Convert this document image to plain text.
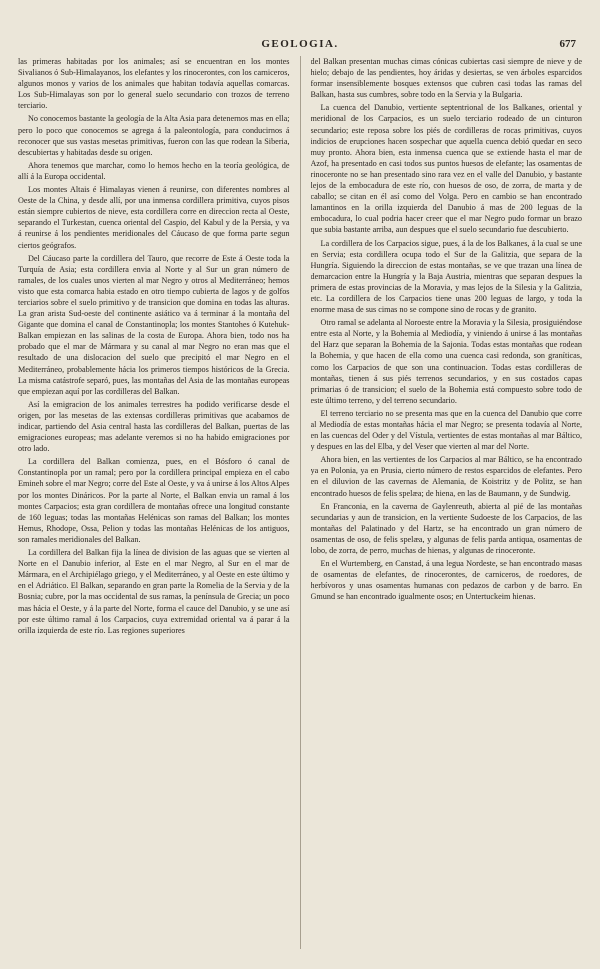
GEOLOGIA.	677

las primeras habitadas por los animales; así se encuentran en los montes Sivalianos ó Sub-Himalayanos, los elefantes y los rinocerontes, con los carniceros, algunos monos y varios de los animales que habitan todavía aquellas comarcas. Los Sub-Himalayas son por lo general suelo secundario con trozos de terreno terciario.

No conocemos bastante la geología de la Alta Asia para detenernos mas en ella; pero lo poco que conocemos se agrega á la paleontología, para conducirnos á reconocer que sus vastas mesetas primitivas, fueron con las que rodean la Siberia, descubiertas y habitadas desde su origen.

Ahora tenemos que marchar, como lo hemos hecho en la teoría geológica, de allí á la Europa occidental.

Los montes Altais é Himalayas vienen á reunirse, con diferentes nombres al Oeste de la China, y desde allí, por una inmensa cordillera primitiva, cuyos pisos están siempre cubiertos de nieve, esta cordillera corre en direccion recta al Oeste, separando el Turkestan, cuenca oriental del Caspio, del Kabul y de la Persia, y va á reunirse á los pendientes meridionales del Cáucaso de que forma parte segun ciertos geógrafos.

Del Cáucaso parte la cordillera del Tauro, que recorre de Este á Oeste toda la Turquía de Asia; esta cordillera envia al Norte y al Sur un gran número de ramales, de los cuales unos vierten al mar Negro y otros al Mediterráneo; hemos visto que esta comarca habia estado en otro tiempo cubierta de lagos y de golfos terciarios sobre el suelo primitivo y de transicion que domina en todas las alturas. La gran arista Sud-oeste del continente asiático va á terminar á la montaña del Gigante que domina el canal de Constantinopla; los montes Stantohes ó Kutehuk-Balkan empiezan en las salinas de la costa de Europa. Ahora bien, todo nos ha probado que el mar de Mármara y su canal al mar Negro no eran mas que el resultado de una dislocacion del suelo que precipitó el mar Negro en el Mediterráneo, probablemente hácia los primeros tiempos históricos de la Grecia. La misma catástrofe separó, pues, las montañas del Asia de las montañas europeas que empiezan aquí por las cordilleras del Balkan.

Así la emigracion de los animales terrestres ha podido verificarse desde el origen, por las mesetas de las extensas cordilleras primitivas que acabamos de indicar, partiendo del Asia central hasta las cordilleras del Balkan, puertas de las emigraciones europeas; mas adelante veremos si no ha habido emigraciones por otro lado.

La cordillera del Balkan comienza, pues, en el Bósforo ó canal de Constantinopla por un ramal; pero por la cordillera principal empieza en el cabo Emineh sobre el mar Negro; corre del Este al Oeste, y va á unirse á los Altos Alpes por los montes Dináricos. Por la parte al Norte, el Balkan envia un ramal á los montes Carpacios; esta gran cordillera de montañas ofrece una longitud constante de 160 leguas; todas las montañas Helénicas son ramas del Balkan; los montes Hemus, Rhodope, Ossa, Pelion y todas las montañas Helénicas de los antiguos, son ramales meridionales del Balkan.

La cordillera del Balkan fija la línea de division de las aguas que se vierten al Norte en el Danubio inferior, al Este en el mar Negro, al Sur en el mar de Mármara, en el Archipiélago griego, y el Mediterráneo, y al Oeste en este último y en el Adriático. El Balkan, separando en gran parte la Romelia de la Servia y de la Bosnia; cubre, por la mas occidental de sus ramas, la península de Grecia; un poco mas hácia el Oeste, y á la parte del Norte, forma el cauce del Danubio, y se une así por este último ramal á los Carpacios, cuya extremidad oriental va á parar á la orilla izquierda de este río. Las regiones superiores

del Balkan presentan muchas cimas cónicas cubiertas casi siempre de nieve y de hielo; debajo de las pendientes, hoy áridas y desiertas, se ven árboles esparcidos formar insensiblemente bosques extensos que cubren casi todas las ramas del Balkan, hasta sus cumbres, sobre todo en la Servia y la Bulgaria.

La cuenca del Danubio, vertiente septentrional de los Balkanes, oriental y meridional de los Carpacios, es un suelo terciario rodeado de un cinturon secundario; este reposa sobre los piés de cordilleras de rocas primitivas, cuyos indicios de erupciones hacen sospechar que aquella cuenca debió quedar en seco muy pronto. Ahora bien, esta inmensa cuenca que se extiende hasta el mar de Azof, ha presentado en casi todos sus puntos huesos de elefante; las osamentas de rinoceronte no se han presentado sino rara vez en el valle del Danubio, y bastante lejos de la embocadura de este río, con huesos de oso, de zorra, de marta y de caballo; se citan en él así como del Volga. Pero en cambio se han encontrado lamantinos en la orilla izquierda del Danubio á mas de 200 leguas de la embocadura, lo cual podria hacer creer que el mar Negro pudo formar un brazo que subia bastante arriba, aun despues que el suelo secundario fue descubierto.

La cordillera de los Carpacios sigue, pues, á la de los Balkanes, á la cual se une en Servia; esta cordillera ocupa todo el Sur de la Galitzia, que separa de la Hungría. Siguiendo la direccion de estas montañas, se ve que trazan una línea de demarcacion entre la Hungría y la Baja Austria, mientras que separan despues la primera de estas provincias de la Moravia, y mas lejos de la Silesia y la Galitzia, etc. La cordillera de los Carpacios tiene unas 200 leguas de largo, y toda la enorme masa de sus cimas no se compone sino de rocas y de granito.

Otro ramal se adelanta al Noroeste entre la Moravia y la Silesia, prosiguiéndose entre esta al Norte, y la Bohemia al Mediodía, y viniendo á unirse á las montañas del Harz que separan la Bohemia de la Sajonia. Todas estas montañas que rodean la Bohemia, y que hacen de ella como una cuenca casi redonda, son graníticas, como los Carpacios de que son una continuacion. Todas estas cordilleras de montañas, tienen á sus piés terrenos secundarios, y en sus costados capas primarias ó de transicion; el suelo de la Bohemia está compuesto sobre todo de este último terreno, y del terreno secundario.

El terreno terciario no se presenta mas que en la cuenca del Danubio que corre al Mediodía de estas montañas hácia el mar Negro; se presenta todavía al Norte, en las cuencas del Oder y del Vístula, vertientes de estas montañas al mar Báltico, y despues en las del Elba, y del Veser que vierten al mar del Norte.

Ahora bien, en las vertientes de los Carpacios al mar Báltico, se ha encontrado ya en Polonia, ya en Prusia, cierto número de restos esparcidos de elefantes. Pero en el diluvion de las cavernas de Alemania, de Koistritz y de Politz, se han encontrado huesos de felis spelæa; de hiena, en las de Baumann, y de Sundwig.

En Franconia, en la caverna de Gaylenreuth, abierta al pié de las montañas secundarias y aun de transicion, en la vertiente Sudoeste de los Carpacios, de las montañas del Palatinado y del Hartz, se ha encontrado un gran número de osamentas de oso, de felis spelæa, y algunas de felis parda antiqua, osamentas de lobo, de zorra, de perro, muchas de hienas, y algunas de rinoceronte.

En el Wurtemberg, en Canstad, á una legua Nordeste, se han encontrado masas de osamentas de elefantes, de rinocerontes, de carniceros, de roedores, de herbívoros y unas osamentas humanas con pedazos de carbon y de barro. En Gmund se han encontrado igualmente osos; en Untertuckeim hienas.
